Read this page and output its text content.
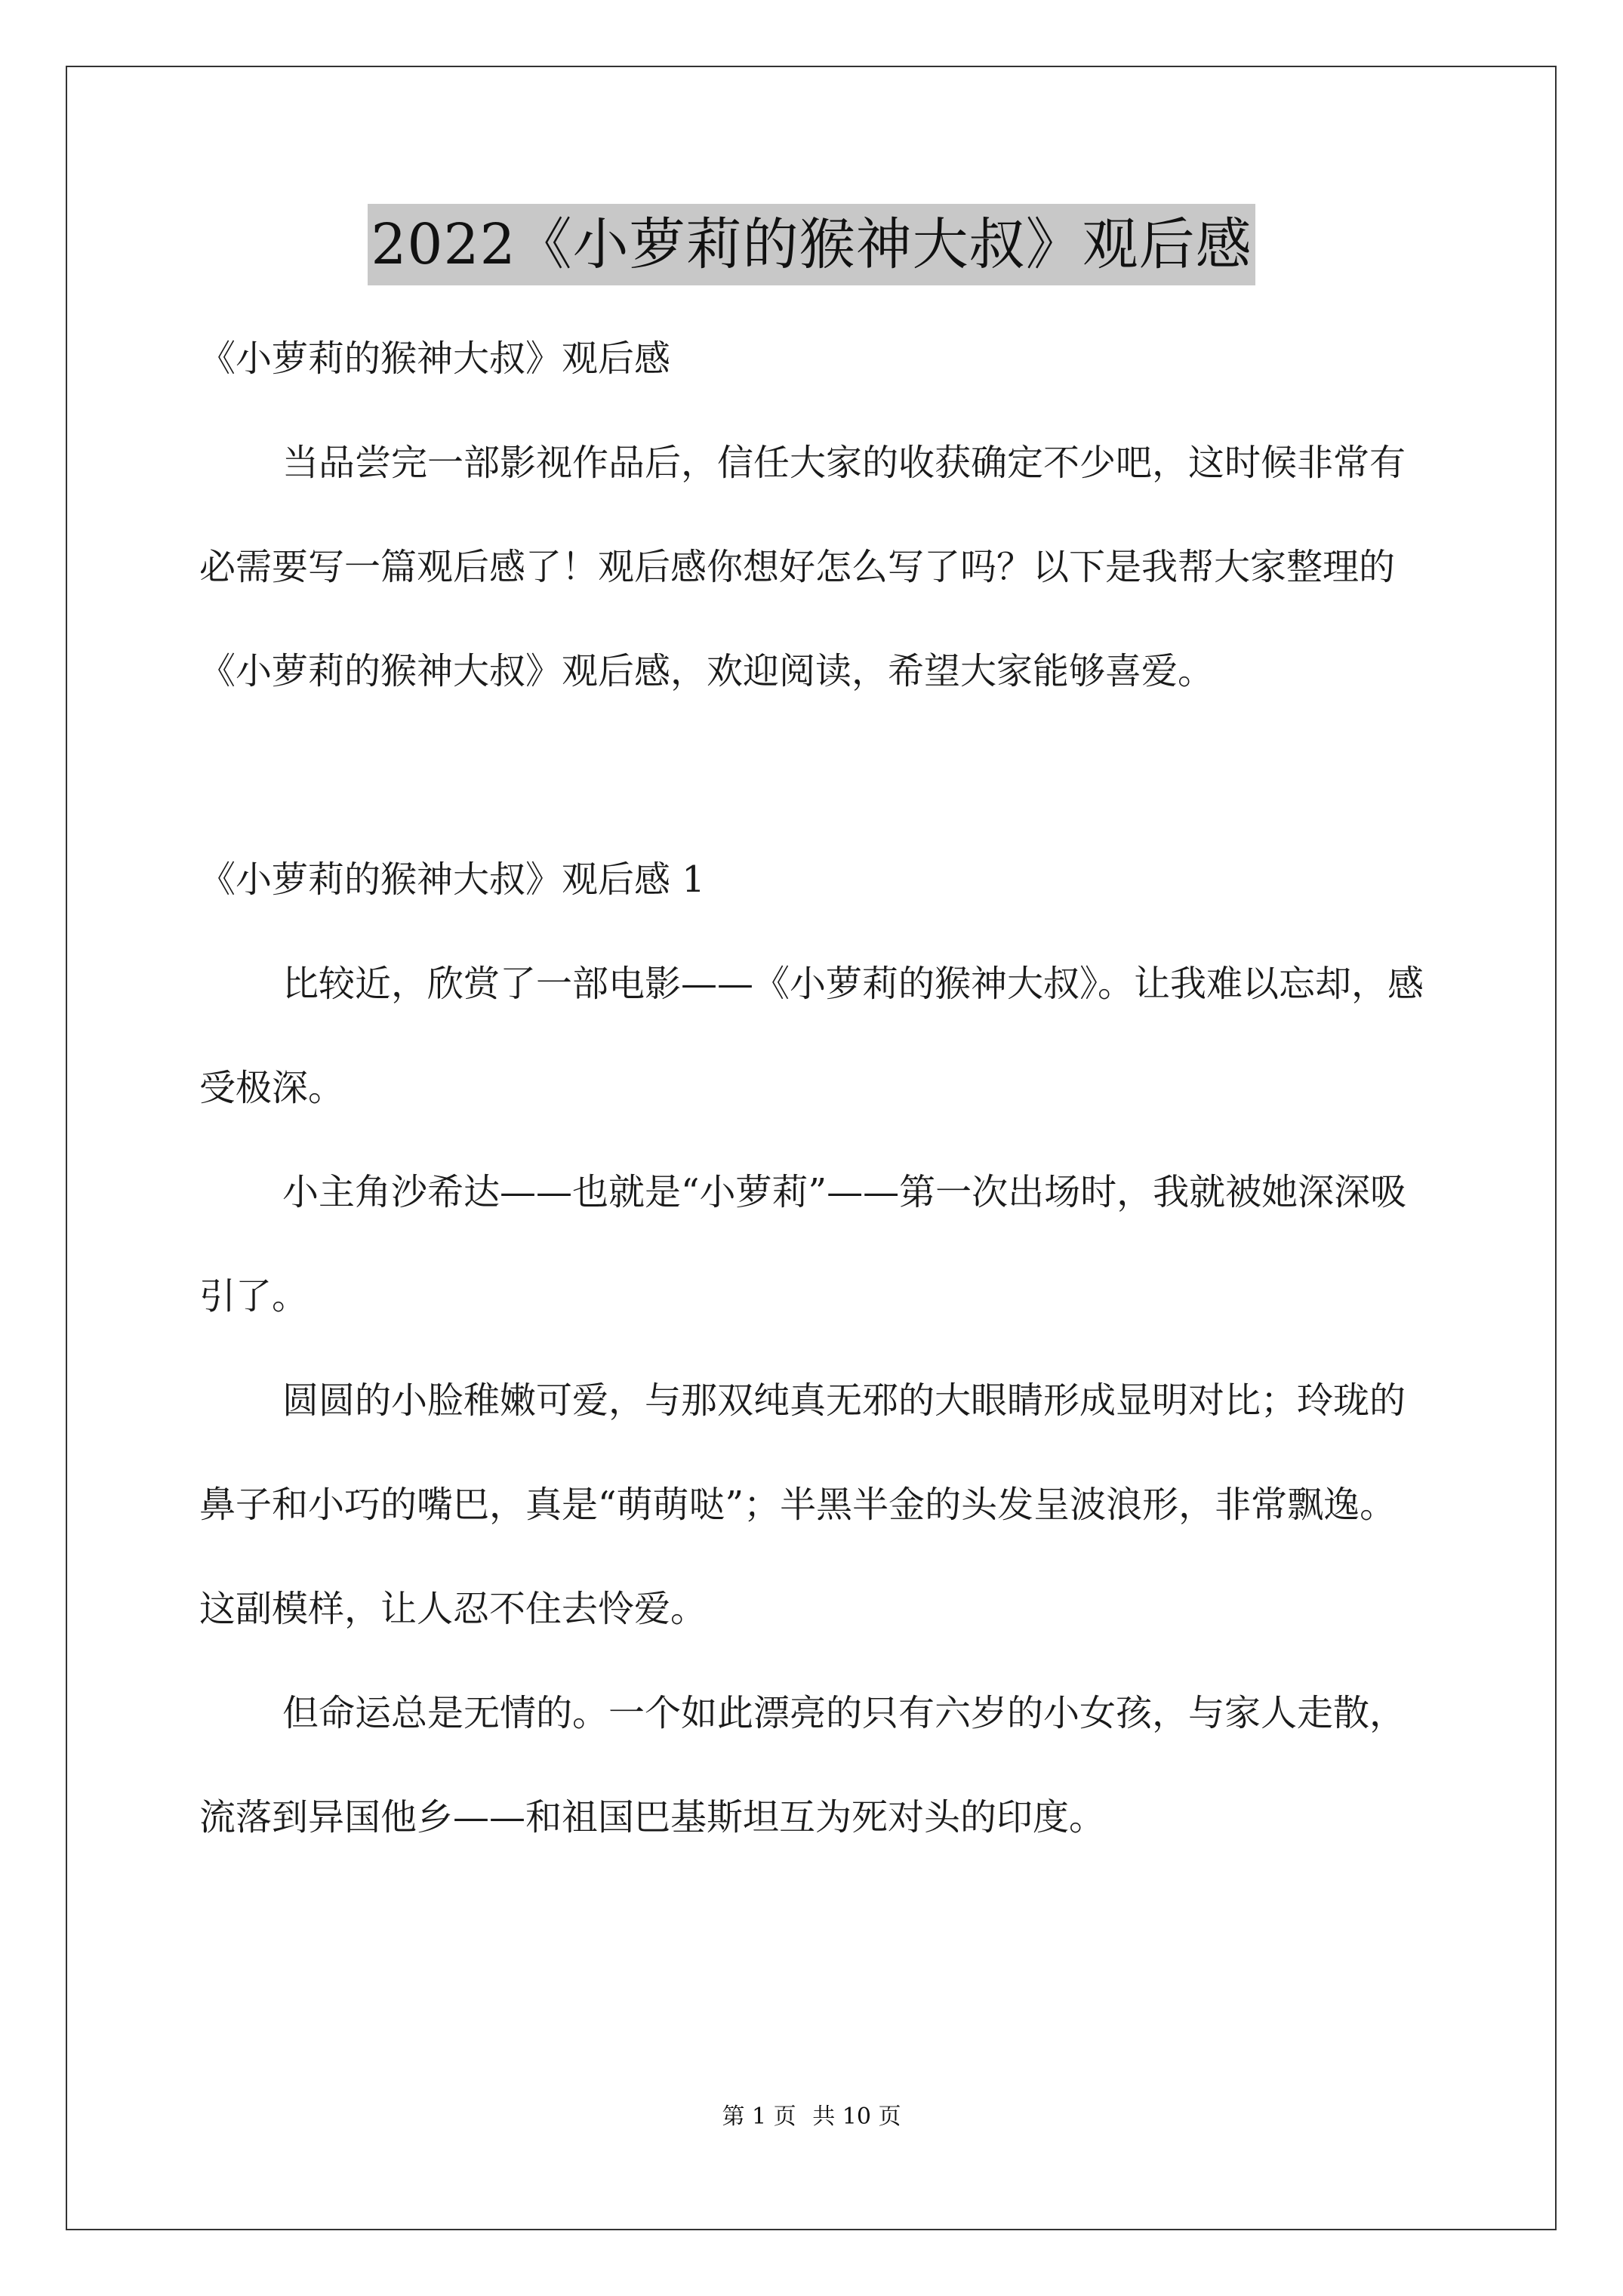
2022《小萝莉的猴神大叔》观后感

《小萝莉的猴神大叔》观后感

当品尝完一部影视作品后，信任大家的收获确定不少吧，这时候非常有必需要写一篇观后感了！观后感你想好怎么写了吗？以下是我帮大家整理的《小萝莉的猴神大叔》观后感，欢迎阅读，希望大家能够喜爱。

《小萝莉的猴神大叔》观后感 1

比较近，欣赏了一部电影——《小萝莉的猴神大叔》。让我难以忘却，感受极深。

小主角沙希达——也就是“小萝莉”——第一次出场时，我就被她深深吸引了。

圆圆的小脸稚嫩可爱，与那双纯真无邪的大眼睛形成显明对比；玲珑的鼻子和小巧的嘴巴，真是“萌萌哒”；半黑半金的头发呈波浪形，非常飘逸。这副模样，让人忍不住去怜爱。

但命运总是无情的。一个如此漂亮的只有六岁的小女孩，与家人走散，流落到异国他乡——和祖国巴基斯坦互为死对头的印度。

第 1 页 共 10 页
